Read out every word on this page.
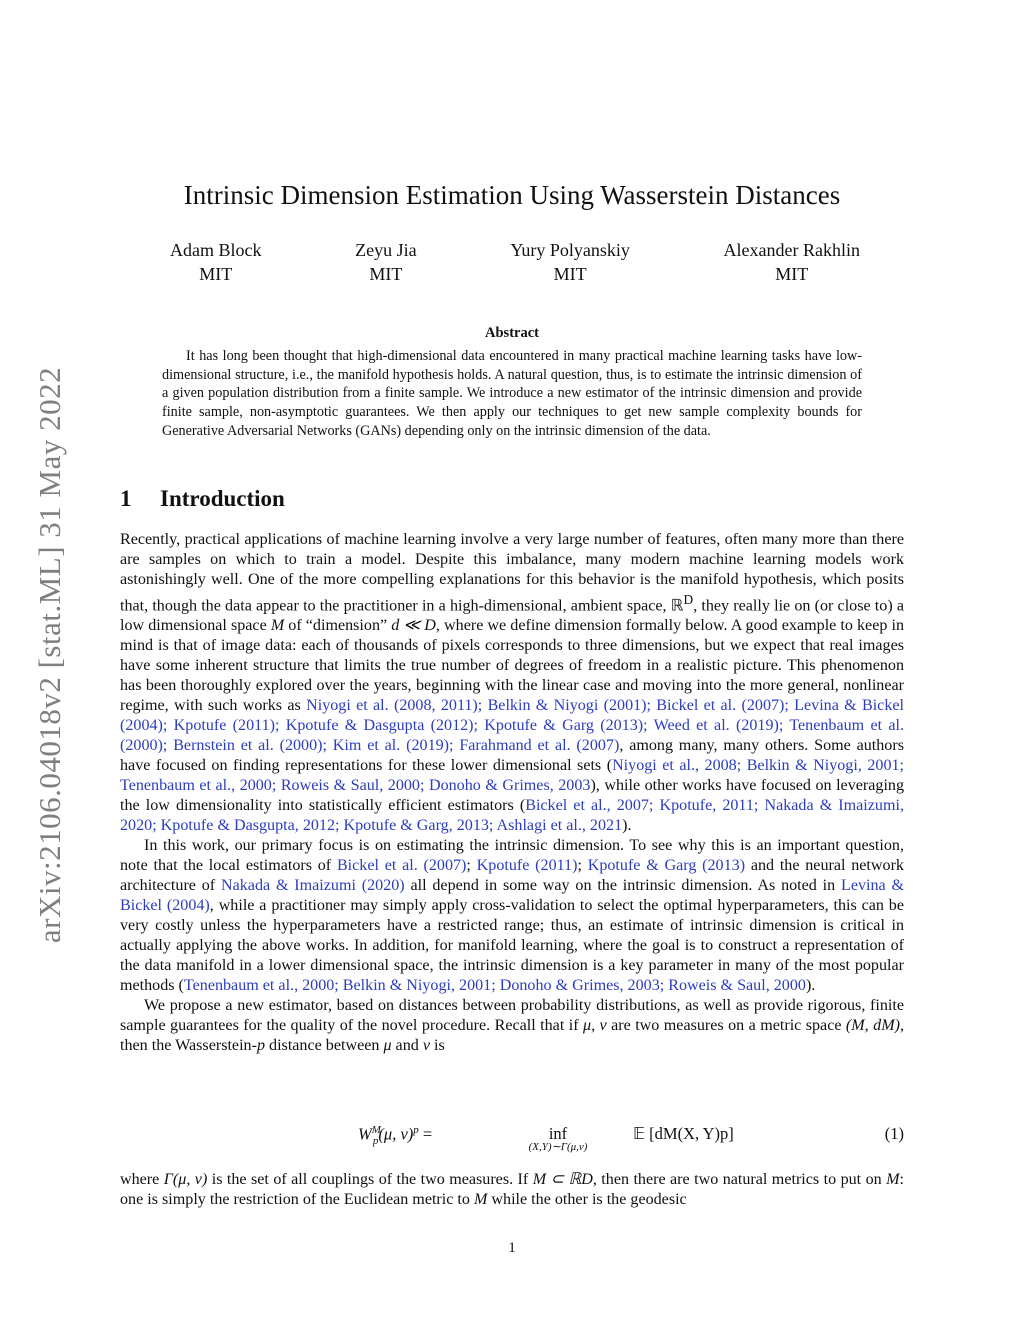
arXiv:2106.04018v2 [stat.ML] 31 May 2022
Intrinsic Dimension Estimation Using Wasserstein Distances
Adam Block
MIT
Zeyu Jia
MIT
Yury Polyanskiy
MIT
Alexander Rakhlin
MIT
Abstract

It has long been thought that high-dimensional data encountered in many practical machine learning tasks have low-dimensional structure, i.e., the manifold hypothesis holds. A natural question, thus, is to estimate the intrinsic dimension of a given population distribution from a finite sample. We introduce a new estimator of the intrinsic dimension and provide finite sample, non-asymptotic guarantees. We then apply our techniques to get new sample complexity bounds for Generative Adversarial Networks (GANs) depending only on the intrinsic dimension of the data.

1 Introduction

Recently, practical applications of machine learning involve a very large number of features, often many more than there are samples on which to train a model. Despite this imbalance, many modern machine learning models work astonishingly well. One of the more compelling explanations for this behavior is the manifold hypothesis, which posits that, though the data appear to the practitioner in a high-dimensional, ambient space, ℝ$^D$, they really lie on (or close to) a low dimensional space M of “dimension” d ≪ D, where we define dimension formally below. A good example to keep in mind is that of image data: each of thousands of pixels corresponds to three dimensions, but we expect that real images have some inherent structure that limits the true number of degrees of freedom in a realistic picture. This phenomenon has been thoroughly explored over the years, beginning with the linear case and moving into the more general, nonlinear regime, with such works as Niyogi et al. (2008, 2011); Belkin & Niyogi (2001); Bickel et al. (2007); Levina & Bickel (2004); Kpotufe (2011); Kpotufe & Dasgupta (2012); Kpotufe & Garg (2013); Weed et al. (2019); Tenenbaum et al. (2000); Bernstein et al. (2000); Kim et al. (2019); Farahmand et al. (2007), among many, many others. Some authors have focused on finding representations for these lower dimensional sets (Niyogi et al., 2008; Belkin & Niyogi, 2001; Tenenbaum et al., 2000; Roweis & Saul, 2000; Donoho & Grimes, 2003), while other works have focused on leveraging the low dimensionality into statistically efficient estimators (Bickel et al., 2007; Kpotufe, 2011; Nakada & Imaizumi, 2020; Kpotufe & Dasgupta, 2012; Kpotufe & Garg, 2013; Ashlagi et al., 2021).

In this work, our primary focus is on estimating the intrinsic dimension. To see why this is an important question, note that the local estimators of Bickel et al. (2007); Kpotufe (2011); Kpotufe & Garg (2013) and the neural network architecture of Nakada & Imaizumi (2020) all depend in some way on the intrinsic dimension. As noted in Levina & Bickel (2004), while a practitioner may simply apply cross-validation to select the optimal hyperparameters, this can be very costly unless the hyperparameters have a restricted range; thus, an estimate of intrinsic dimension is critical in actually applying the above works. In addition, for manifold learning, where the goal is to construct a representation of the data manifold in a lower dimensional space, the intrinsic dimension is a key parameter in many of the most popular methods (Tenenbaum et al., 2000; Belkin & Niyogi, 2001; Donoho & Grimes, 2003; Roweis & Saul, 2000).

We propose a new estimator, based on distances between probability distributions, as well as provide rigorous, finite sample guarantees for the quality of the novel procedure. Recall that if μ, ν are two measures on a metric space (M, dM), then the Wasserstein-p distance between μ and ν is

$W^M_p(\mu$, ν)$^p$ =	inf
(X,Y)∼Γ(μ,ν)
𝔼 [dM(X, Y)p]	(1)

where Γ(μ, ν) is the set of all couplings of the two measures. If M ⊂ ℝD, then there are two natural metrics to put on M: one is simply the restriction of the Euclidean metric to M while the other is the geodesic

1
